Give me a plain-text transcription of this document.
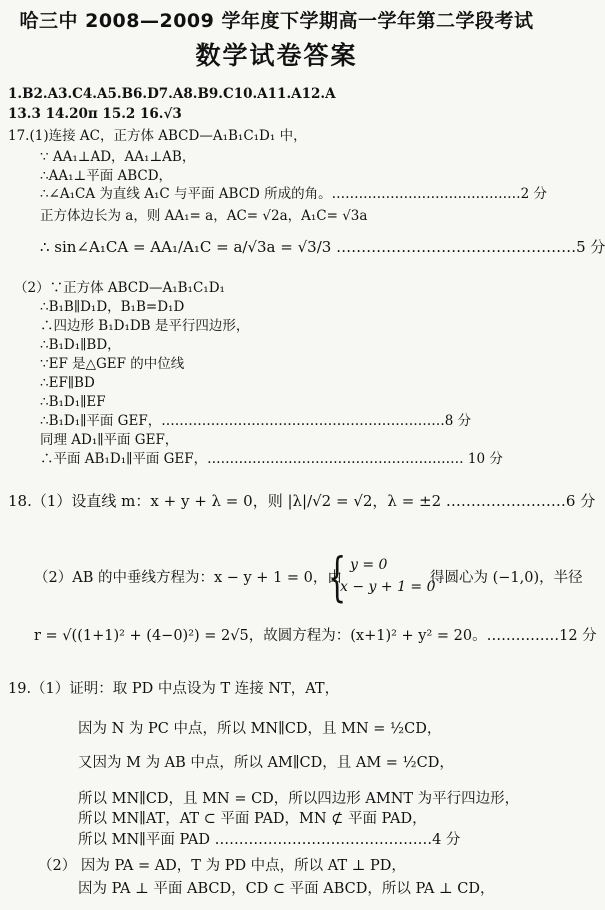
哈三中 2008—2009 学年度下学期高一学年第二学段考试
数学试卷答案
1.B2.A3.C4.A5.B6.D7.A8.B9.C10.A11.A12.A
13.3 14.20π 15.2 16.√3
17.(1)连接 AC，正方体 ABCD—A₁B₁C₁D₁ 中，
∵ AA₁⊥AD，AA₁⊥AB，
∴AA₁⊥平面 ABCD，
∴∠A₁CA 为直线 A₁C 与平面 ABCD 所成的角。……………………………………2 分
正方体边长为 a，则 AA₁= a，AC= √2a，A₁C= √3a
∴ sin∠A₁CA = AA₁/A₁C = a/√3a = √3/3 …………………………………………5 分
（2）∵正方体 ABCD—A₁B₁C₁D₁
∴B₁B∥D₁D，B₁B=D₁D
∴四边形 B₁D₁DB 是平行四边形，
∴B₁D₁∥BD，
∵EF 是△GEF 的中位线
∴EF∥BD
∴B₁D₁∥EF
∴B₁D₁∥平面 GEF，………………………………………………………8 分
同理 AD₁∥平面 GEF，
∴平面 AB₁D₁∥平面 GEF，………………………………………………… 10 分
18.（1）设直线 m：x + y + λ = 0，则 |λ|/√2 = √2，λ = ±2 ……………………6 分
（2）AB 的中垂线方程为：x − y + 1 = 0，由
{ y = 0
x − y + 1 = 0
得圆心为 (−1,0)，半径
r = √((1+1)² + (4−0)²) = 2√5，故圆方程为：(x+1)² + y² = 20。……………12 分
19.（1）证明：取 PD 中点设为 T 连接 NT，AT，
因为 N 为 PC 中点，所以 MN∥CD，且 MN = ½CD，
又因为 M 为 AB 中点，所以 AM∥CD，且 AM = ½CD，
所以 MN∥CD，且 MN = CD，所以四边形 AMNT 为平行四边形，
所以 MN∥AT，AT ⊂ 平面 PAD，MN ⊄ 平面 PAD，
所以 MN∥平面 PAD ………………………………………4 分
（2） 因为 PA = AD，T 为 PD 中点，所以 AT ⊥ PD，
因为 PA ⊥ 平面 ABCD，CD ⊂ 平面 ABCD，所以 PA ⊥ CD，
